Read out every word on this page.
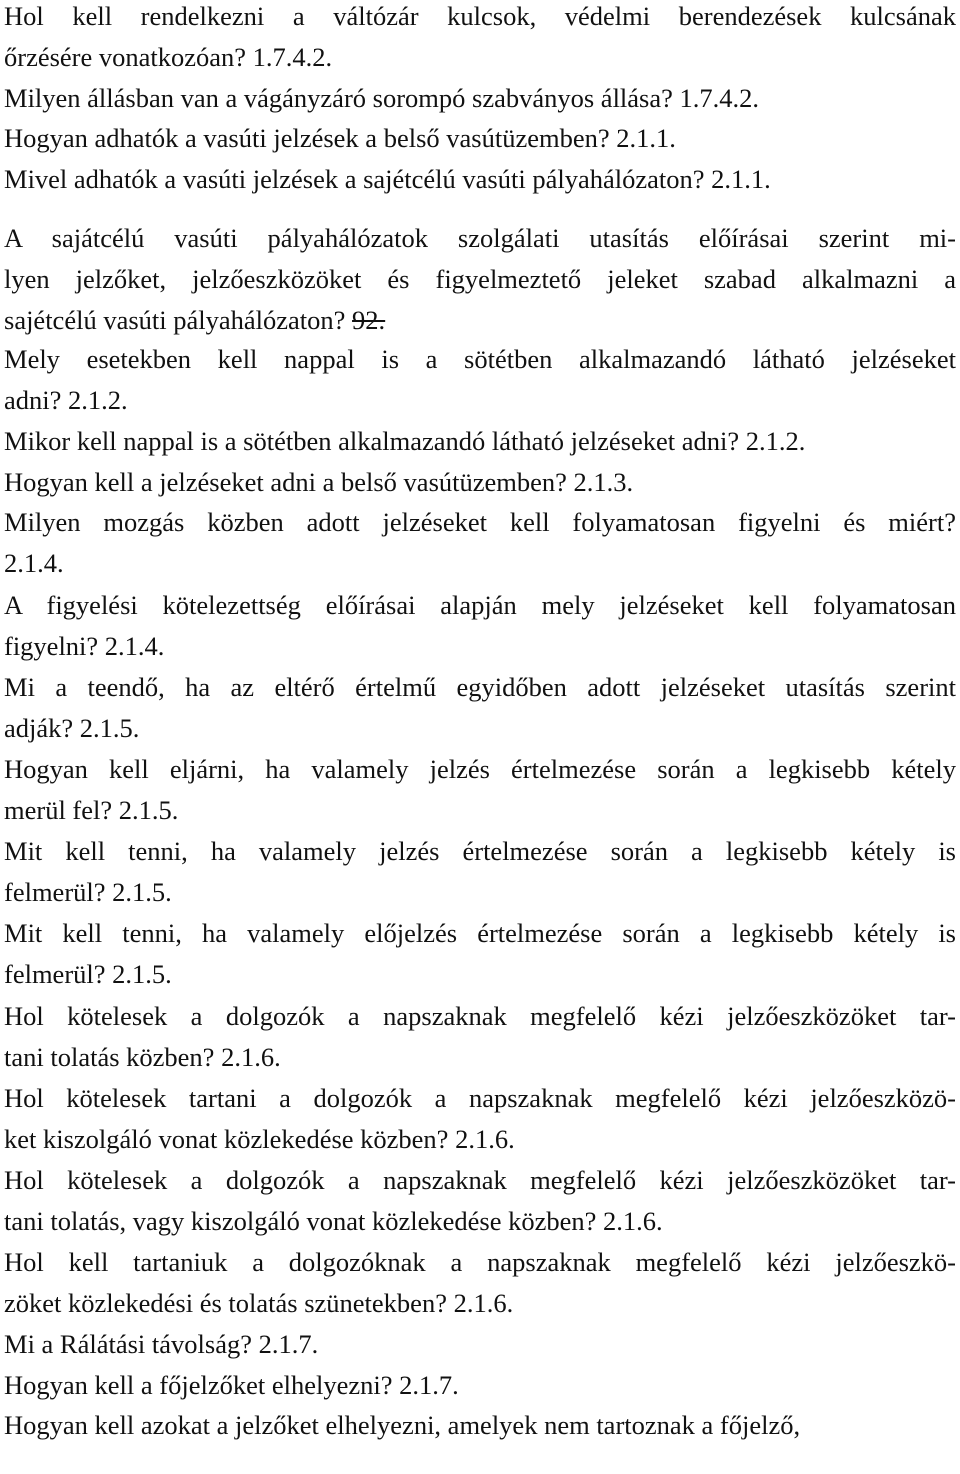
Hol kell rendelkezni a váltózár kulcsok, védelmi berendezések kulcsának
őrzésére vonatkozóan? 1.7.4.2.
Milyen állásban van a vágányzáró sorompó szabványos állása? 1.7.4.2.
Hogyan adhatók a vasúti jelzések a belső vasútüzemben? 2.1.1.
Mivel adhatók a vasúti jelzések a sajétcélú vasúti pályahálózaton? 2.1.1.
A sajátcélú vasúti pályahálózatok szolgálati utasítás előírásai szerint mi-
lyen jelzőket, jelzőeszközöket és figyelmeztető jeleket szabad alkalmazni a
sajétcélú vasúti pályahálózaton? 92.
Mely esetekben kell nappal is a sötétben alkalmazandó látható jelzéseket
adni? 2.1.2.
Mikor kell nappal is a sötétben alkalmazandó látható jelzéseket adni? 2.1.2.
Hogyan kell a jelzéseket adni a belső vasútüzemben? 2.1.3.
Milyen mozgás közben adott jelzéseket kell folyamatosan figyelni és miért?
2.1.4.
A figyelési kötelezettség előírásai alapján mely jelzéseket kell folyamatosan
figyelni? 2.1.4.
Mi a teendő, ha az eltérő értelmű egyidőben adott jelzéseket utasítás szerint
adják? 2.1.5.
Hogyan kell eljárni, ha valamely jelzés értelmezése során a legkisebb kétely
merül fel? 2.1.5.
Mit kell tenni, ha valamely jelzés értelmezése során a legkisebb kétely is
felmerül? 2.1.5.
Mit kell tenni, ha valamely előjelzés értelmezése során a legkisebb kétely is
felmerül? 2.1.5.
Hol kötelesek a dolgozók a napszaknak megfelelő kézi jelzőeszközöket tar-
tani tolatás közben? 2.1.6.
Hol kötelesek tartani a dolgozók a napszaknak megfelelő kézi jelzőeszközö-
ket kiszolgáló vonat közlekedése közben? 2.1.6.
Hol kötelesek a dolgozók a napszaknak megfelelő kézi jelzőeszközöket tar-
tani tolatás, vagy kiszolgáló vonat közlekedése közben? 2.1.6.
Hol kell tartaniuk a dolgozóknak a napszaknak megfelelő kézi jelzőeszkö-
zöket közlekedési és tolatás szünetekben? 2.1.6.
Mi a Rálátási távolság? 2.1.7.
Hogyan kell a főjelzőket elhelyezni? 2.1.7.
Hogyan kell azokat a jelzőket elhelyezni, amelyek nem tartoznak a főjelző,
